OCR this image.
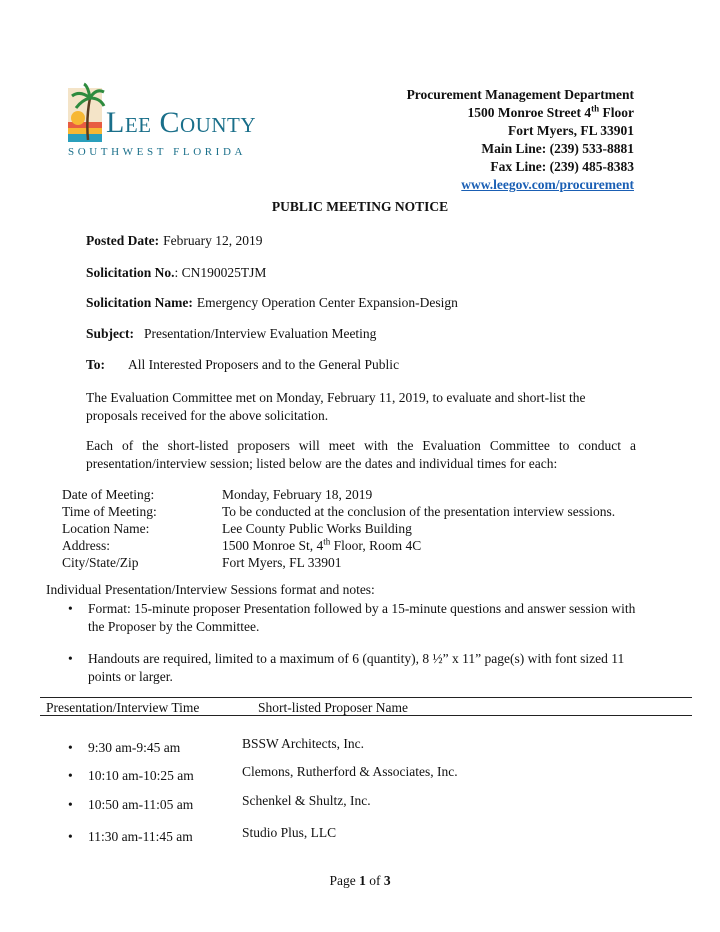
Lee County
SOUTHWEST FLORIDA
Procurement Management Department
1500 Monroe Street 4th Floor
Fort Myers, FL 33901
Main Line: (239) 533-8881
Fax Line: (239) 485-8383
www.leegov.com/procurement
PUBLIC MEETING NOTICE
Posted Date: February 12, 2019
Solicitation No.: CN190025TJM
Solicitation Name: Emergency Operation Center Expansion-Design
Subject: Presentation/Interview Evaluation Meeting
To: All Interested Proposers and to the General Public
The Evaluation Committee met on Monday, February 11, 2019, to evaluate and short-list the proposals received for the above solicitation.
Each of the short-listed proposers will meet with the Evaluation Committee to conduct a presentation/interview session; listed below are the dates and individual times for each:
Date of Meeting:	Monday, February 18, 2019
Time of Meeting:	To be conducted at the conclusion of the presentation interview sessions.
Location Name:	Lee County Public Works Building
Address:	1500 Monroe St, 4th Floor, Room 4C
City/State/Zip	Fort Myers, FL 33901
Individual Presentation/Interview Sessions format and notes:
•	Format: 15-minute proposer Presentation followed by a 15-minute questions and answer session with the Proposer by the Committee.
•	Handouts are required, limited to a maximum of 6 (quantity), 8 ½” x 11” page(s) with font sized 11 points or larger.
Presentation/Interview Time	Short-listed Proposer Name
•	9:30 am-9:45 am	BSSW Architects, Inc.
•	10:10 am-10:25 am	Clemons, Rutherford & Associates, Inc.
•	10:50 am-11:05 am	Schenkel & Shultz, Inc.
•	11:30 am-11:45 am	Studio Plus, LLC
Page 1 of 3
